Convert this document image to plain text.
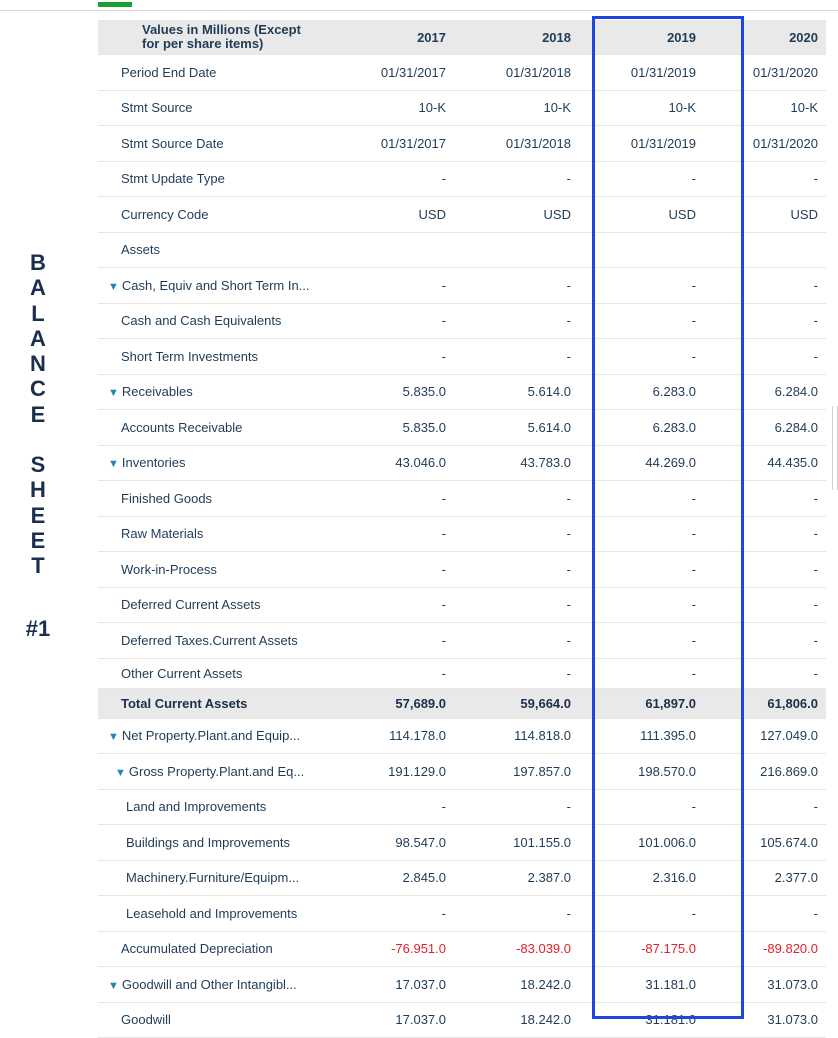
B
A
L
A
N
C
E
S
H
E
E
T
#1
Values in Millions (Except
for per share items)	2017	2018	2019	2020
Period End Date	01/31/2017	01/31/2018	01/31/2019	01/31/2020
Stmt Source	10-K	10-K	10-K	10-K
Stmt Source Date	01/31/2017	01/31/2018	01/31/2019	01/31/2020
Stmt Update Type	-	-	-	-
Currency Code	USD	USD	USD	USD
Assets				
▼ Cash, Equiv and Short Term In...	-	-	-	-
Cash and Cash Equivalents	-	-	-	-
Short Term Investments	-	-	-	-
▼ Receivables	5.835.0	5.614.0	6.283.0	6.284.0
Accounts Receivable	5.835.0	5.614.0	6.283.0	6.284.0
▼ Inventories	43.046.0	43.783.0	44.269.0	44.435.0
Finished Goods	-	-	-	-
Raw Materials	-	-	-	-
Work-in-Process	-	-	-	-
Deferred Current Assets	-	-	-	-
Deferred Taxes.Current Assets	-	-	-	-
Other Current Assets	-	-	-	-
Total Current Assets	57,689.0	59,664.0	61,897.0	61,806.0
▼ Net Property.Plant.and Equip...	114.178.0	114.818.0	111.395.0	127.049.0
▼ Gross Property.Plant.and Eq...	191.129.0	197.857.0	198.570.0	216.869.0
Land and Improvements	-	-	-	-
Buildings and Improvements	98.547.0	101.155.0	101.006.0	105.674.0
Machinery.Furniture/Equipm...	2.845.0	2.387.0	2.316.0	2.377.0
Leasehold and Improvements	-	-	-	-
Accumulated Depreciation	-76.951.0	-83.039.0	-87.175.0	-89.820.0
▼ Goodwill and Other Intangibl...	17.037.0	18.242.0	31.181.0	31.073.0
Goodwill	17.037.0	18.242.0	31.181.0	31.073.0
